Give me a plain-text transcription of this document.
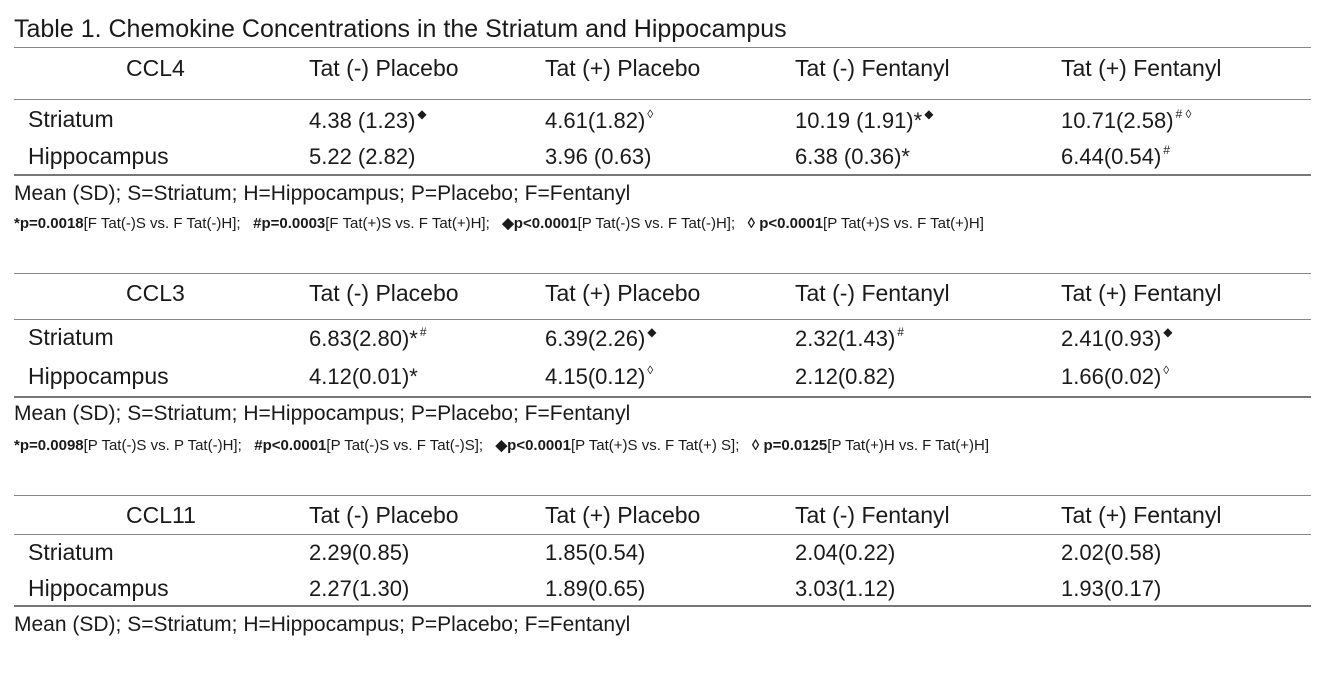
Table 1. Chemokine Concentrations in the Striatum and Hippocampus
CCL4	Tat (-) Placebo	Tat (+) Placebo	Tat (-) Fentanyl	Tat (+) Fentanyl
Striatum	4.38 (1.23) ◆	4.61(1.82) ◊	10.19 (1.91)* ◆	10.71(2.58) # ◊
Hippocampus	5.22 (2.82)	3.96 (0.63)	6.38 (0.36)*	6.44(0.54) #
Mean (SD); S=Striatum; H=Hippocampus; P=Placebo; F=Fentanyl
*p=0.0018[F Tat(-)S vs. F Tat(-)H]; #p=0.0003[F Tat(+)S vs. F Tat(+)H]; ◆p<0.0001[P Tat(-)S vs. F Tat(-)H]; ◊ p<0.0001[P Tat(+)S vs. F Tat(+)H]
CCL3	Tat (-) Placebo	Tat (+) Placebo	Tat (-) Fentanyl	Tat (+) Fentanyl
Striatum	6.83(2.80)* #	6.39(2.26) ◆	2.32(1.43) #	2.41(0.93) ◆
Hippocampus	4.12(0.01)*	4.15(0.12) ◊	2.12(0.82)	1.66(0.02) ◊
Mean (SD); S=Striatum; H=Hippocampus; P=Placebo; F=Fentanyl
*p=0.0098[P Tat(-)S vs. P Tat(-)H]; #p<0.0001[P Tat(-)S vs. F Tat(-)S]; ◆p<0.0001[P Tat(+)S vs. F Tat(+) S]; ◊ p=0.0125[P Tat(+)H vs. F Tat(+)H]
CCL11	Tat (-) Placebo	Tat (+) Placebo	Tat (-) Fentanyl	Tat (+) Fentanyl
Striatum	2.29(0.85)	1.85(0.54)	2.04(0.22)	2.02(0.58)
Hippocampus	2.27(1.30)	1.89(0.65)	3.03(1.12)	1.93(0.17)
Mean (SD); S=Striatum; H=Hippocampus; P=Placebo; F=Fentanyl
